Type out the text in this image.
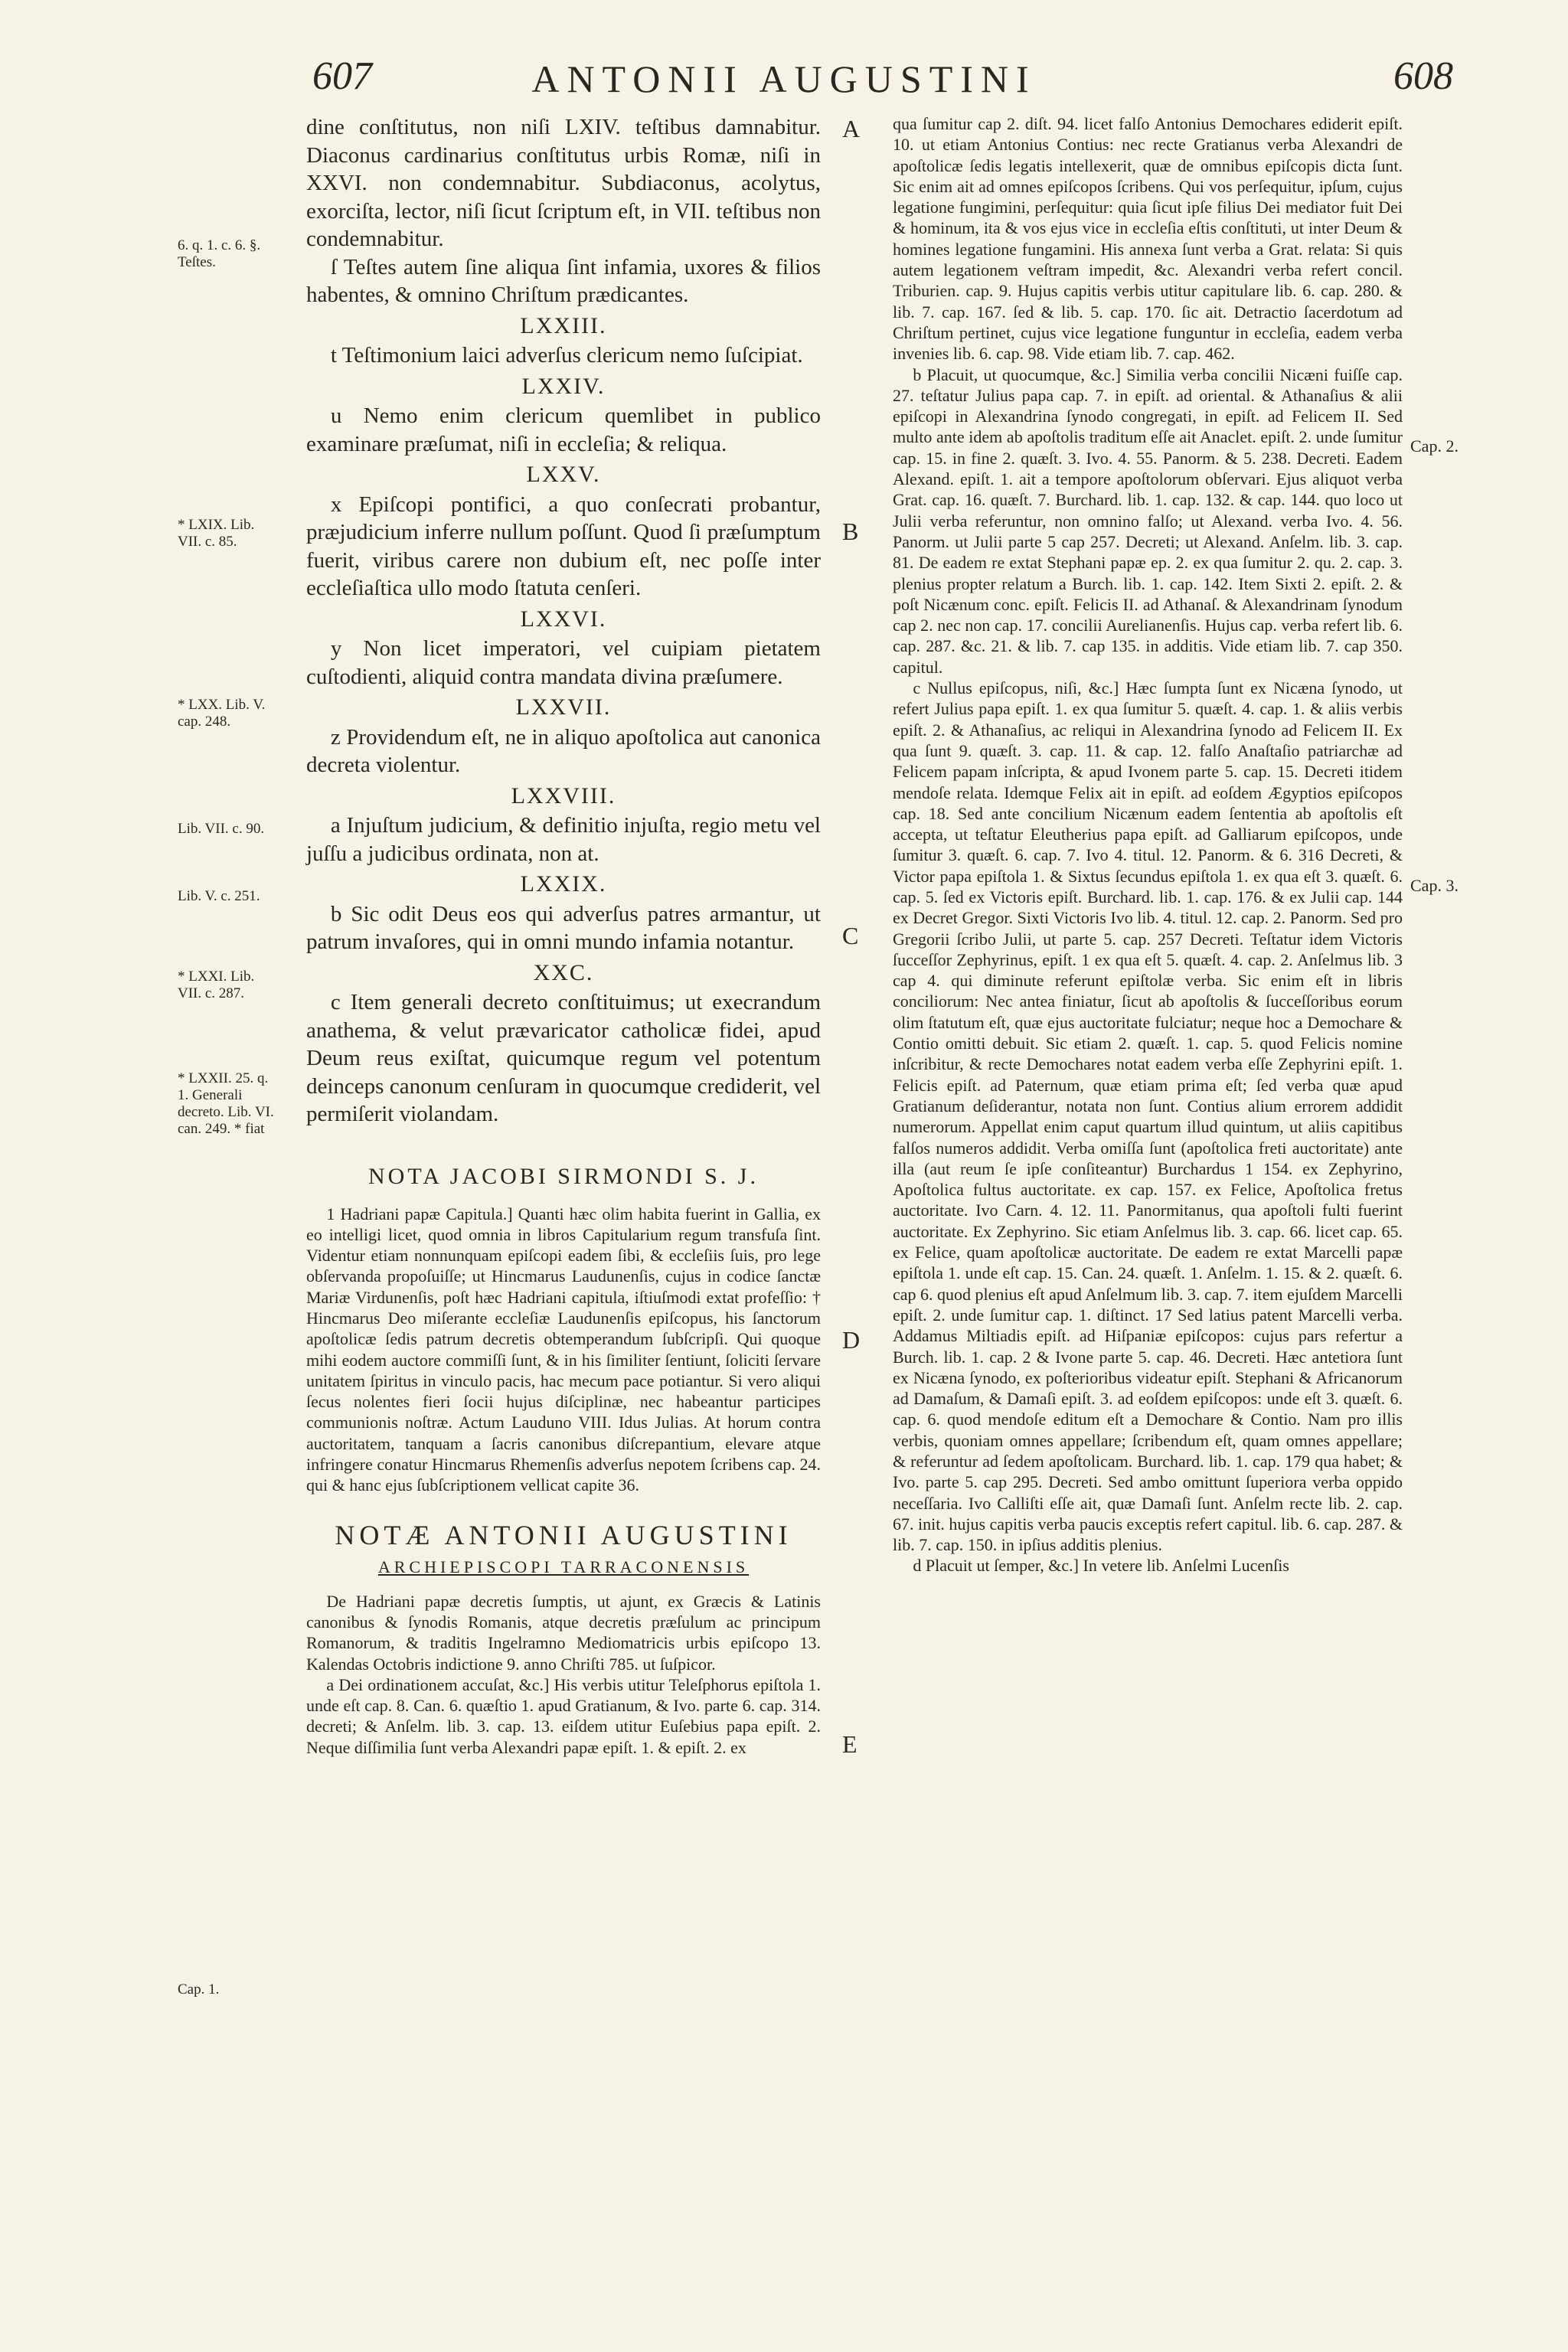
607	ANTONII AUGUSTINI	608
6. q. 1. c. 6. §. Teſtes.
* LXIX. Lib. VII. c. 85.
* LXX. Lib. V. cap. 248.
Lib. VII. c. 90.
Lib. V. c. 251.
* LXXI. Lib. VII. c. 287.
* LXXII. 25. q. 1. Generali decreto. Lib. VI. can. 249. * fiat
Cap. 1.
A
B
C
D
E
Cap. 2.
Cap. 3.

dine conſtitutus, non niſi LXIV. teſtibus damnabitur. Diaconus cardinarius conſtitutus urbis Romæ, niſi in XXVI. non condemnabitur. Subdiaconus, acolytus, exorciſta, lector, niſi ſicut ſcriptum eſt, in VII. teſtibus non condemnabitur.

ſ Teſtes autem ſine aliqua ſint infamia, uxores & filios habentes, & omnino Chriſtum prædicantes.

LXXIII.

t Teſtimonium laici adverſus clericum nemo ſuſcipiat.

LXXIV.

u Nemo enim clericum quemlibet in publico examinare præſumat, niſi in eccleſia; & reliqua.

LXXV.

x Epiſcopi pontifici, a quo conſecrati probantur, præjudicium inferre nullum poſſunt. Quod ſi præſumptum fuerit, viribus carere non dubium eſt, nec poſſe inter eccleſiaſtica ullo modo ſtatuta cenſeri.

LXXVI.

y Non licet imperatori, vel cuipiam pietatem cuſtodienti, aliquid contra mandata divina præſumere.

LXXVII.

z Providendum eſt, ne in aliquo apoſtolica aut canonica decreta violentur.

LXXVIII.

a Injuſtum judicium, & definitio injuſta, regio metu vel juſſu a judicibus ordinata, non at.

LXXIX.

b Sic odit Deus eos qui adverſus patres armantur, ut patrum invaſores, qui in omni mundo infamia notantur.

XXC.

c Item generali decreto conſtituimus; ut execrandum anathema, & velut prævaricator catholicæ fidei, apud Deum reus exiſtat, quicumque regum vel potentum deinceps canonum cenſuram in quocumque crediderit, vel permiſerit violandam.

NOTA JACOBI SIRMONDI S. J.

1 Hadriani papæ Capitula.] Quanti hæc olim habita fuerint in Gallia, ex eo intelligi licet, quod omnia in libros Capitularium regum transfuſa ſint. Videntur etiam nonnunquam epiſcopi eadem ſibi, & eccleſiis ſuis, pro lege obſervanda propoſuiſſe; ut Hincmarus Laudunenſis, cujus in codice ſanctæ Mariæ Virdunenſis, poſt hæc Hadriani capitula, iſtiuſmodi extat profeſſio: † Hincmarus Deo miſerante eccleſiæ Laudunenſis epiſcopus, his ſanctorum apoſtolicæ ſedis patrum decretis obtemperandum ſubſcripſi. Qui quoque mihi eodem auctore commiſſi ſunt, & in his ſimiliter ſentiunt, ſoliciti ſervare unitatem ſpiritus in vinculo pacis, hac mecum pace potiantur. Si vero aliqui ſecus nolentes fieri ſocii hujus diſciplinæ, nec habeantur participes communionis noſtræ. Actum Lauduno VIII. Idus Julias. At horum contra auctoritatem, tanquam a ſacris canonibus diſcrepantium, elevare atque infringere conatur Hincmarus Rhemenſis adverſus nepotem ſcribens cap. 24. qui & hanc ejus ſubſcriptionem vellicat capite 36.

NOTÆ ANTONII AUGUSTINI
ARCHIEPISCOPI TARRACONENSIS

De Hadriani papæ decretis ſumptis, ut ajunt, ex Græcis & Latinis canonibus & ſynodis Romanis, atque decretis præſulum ac principum Romanorum, & traditis Ingelramno Mediomatricis urbis epiſcopo 13. Kalendas Octobris indictione 9. anno Chriſti 785. ut ſuſpicor.

a Dei ordinationem accuſat, &c.] His verbis utitur Teleſphorus epiſtola 1. unde eſt cap. 8. Can. 6. quæſtio 1. apud Gratianum, & Ivo. parte 6. cap. 314. decreti; & Anſelm. lib. 3. cap. 13. eiſdem utitur Euſebius papa epiſt. 2. Neque diſſimilia ſunt verba Alexandri papæ epiſt. 1. & epiſt. 2. ex

qua ſumitur cap 2. diſt. 94. licet falſo Antonius Demochares ediderit epiſt. 10. ut etiam Antonius Contius: nec recte Gratianus verba Alexandri de apoſtolicæ ſedis legatis intellexerit, quæ de omnibus epiſcopis dicta ſunt. Sic enim ait ad omnes epiſcopos ſcribens. Qui vos perſequitur, ipſum, cujus legatione fungimini, perſequitur: quia ſicut ipſe filius Dei mediator fuit Dei & hominum, ita & vos ejus vice in eccleſia eſtis conſtituti, ut inter Deum & homines legatione fungamini. His annexa ſunt verba a Grat. relata: Si quis autem legationem veſtram impedit, &c. Alexandri verba refert concil. Triburien. cap. 9. Hujus capitis verbis utitur capitulare lib. 6. cap. 280. & lib. 7. cap. 167. ſed & lib. 5. cap. 170. ſic ait. Detractio ſacerdotum ad Chriſtum pertinet, cujus vice legatione funguntur in eccleſia, eadem verba invenies lib. 6. cap. 98. Vide etiam lib. 7. cap. 462.

b Placuit, ut quocumque, &c.] Similia verba concilii Nicæni fuiſſe cap. 27. teſtatur Julius papa cap. 7. in epiſt. ad oriental. & Athanaſius & alii epiſcopi in Alexandrina ſynodo congregati, in epiſt. ad Felicem II. Sed multo ante idem ab apoſtolis traditum eſſe ait Anaclet. epiſt. 2. unde ſumitur cap. 15. in fine 2. quæſt. 3. Ivo. 4. 55. Panorm. & 5. 238. Decreti. Eadem Alexand. epiſt. 1. ait a tempore apoſtolorum obſervari. Ejus aliquot verba Grat. cap. 16. quæſt. 7. Burchard. lib. 1. cap. 132. & cap. 144. quo loco ut Julii verba referuntur, non omnino falſo; ut Alexand. verba Ivo. 4. 56. Panorm. ut Julii parte 5 cap 257. Decreti; ut Alexand. Anſelm. lib. 3. cap. 81. De eadem re extat Stephani papæ ep. 2. ex qua ſumitur 2. qu. 2. cap. 3. plenius propter relatum a Burch. lib. 1. cap. 142. Item Sixti 2. epiſt. 2. & poſt Nicænum conc. epiſt. Felicis II. ad Athanaſ. & Alexandrinam ſynodum cap 2. nec non cap. 17. concilii Aurelianenſis. Hujus cap. verba refert lib. 6. cap. 287. &c. 21. & lib. 7. cap 135. in additis. Vide etiam lib. 7. cap 350. capitul.

c Nullus epiſcopus, niſi, &c.] Hæc ſumpta ſunt ex Nicæna ſynodo, ut refert Julius papa epiſt. 1. ex qua ſumitur 5. quæſt. 4. cap. 1. & aliis verbis epiſt. 2. & Athanaſius, ac reliqui in Alexandrina ſynodo ad Felicem II. Ex qua ſunt 9. quæſt. 3. cap. 11. & cap. 12. falſo Anaſtaſio patriarchæ ad Felicem papam inſcripta, & apud Ivonem parte 5. cap. 15. Decreti itidem mendoſe relata. Idemque Felix ait in epiſt. ad eoſdem Ægyptios epiſcopos cap. 18. Sed ante concilium Nicænum eadem ſententia ab apoſtolis eſt accepta, ut teſtatur Eleutherius papa epiſt. ad Galliarum epiſcopos, unde ſumitur 3. quæſt. 6. cap. 7. Ivo 4. titul. 12. Panorm. & 6. 316 Decreti, & Victor papa epiſtola 1. & Sixtus ſecundus epiſtola 1. ex qua eſt 3. quæſt. 6. cap. 5. ſed ex Victoris epiſt. Burchard. lib. 1. cap. 176. & ex Julii cap. 144 ex Decret Gregor. Sixti Victoris Ivo lib. 4. titul. 12. cap. 2. Panorm. Sed pro Gregorii ſcribo Julii, ut parte 5. cap. 257 Decreti. Teſtatur idem Victoris ſucceſſor Zephyrinus, epiſt. 1 ex qua eſt 5. quæſt. 4. cap. 2. Anſelmus lib. 3 cap 4. qui diminute referunt epiſtolæ verba. Sic enim eſt in libris conciliorum: Nec antea finiatur, ſicut ab apoſtolis & ſucceſſoribus eorum olim ſtatutum eſt, quæ ejus auctoritate fulciatur; neque hoc a Demochare & Contio omitti debuit. Sic etiam 2. quæſt. 1. cap. 5. quod Felicis nomine inſcribitur, & recte Demochares notat eadem verba eſſe Zephyrini epiſt. 1. Felicis epiſt. ad Paternum, quæ etiam prima eſt; ſed verba quæ apud Gratianum deſiderantur, notata non ſunt. Contius alium errorem addidit numerorum. Appellat enim caput quartum illud quintum, ut aliis capitibus falſos numeros addidit. Verba omiſſa ſunt (apoſtolica freti auctoritate) ante illa (aut reum ſe ipſe conſiteantur) Burchardus 1 154. ex Zephyrino, Apoſtolica fultus auctoritate. ex cap. 157. ex Felice, Apoſtolica fretus auctoritate. Ivo Carn. 4. 12. 11. Panormitanus, qua apoſtoli fulti fuerint auctoritate. Ex Zephyrino. Sic etiam Anſelmus lib. 3. cap. 66. licet cap. 65. ex Felice, quam apoſtolicæ auctoritate. De eadem re extat Marcelli papæ epiſtola 1. unde eſt cap. 15. Can. 24. quæſt. 1. Anſelm. 1. 15. & 2. quæſt. 6. cap 6. quod plenius eſt apud Anſelmum lib. 3. cap. 7. item ejuſdem Marcelli epiſt. 2. unde ſumitur cap. 1. diſtinct. 17 Sed latius patent Marcelli verba. Addamus Miltiadis epiſt. ad Hiſpaniæ epiſcopos: cujus pars refertur a Burch. lib. 1. cap. 2 & Ivone parte 5. cap. 46. Decreti. Hæc antetiora ſunt ex Nicæna ſynodo, ex poſterioribus videatur epiſt. Stephani & Africanorum ad Damaſum, & Damaſi epiſt. 3. ad eoſdem epiſcopos: unde eſt 3. quæſt. 6. cap. 6. quod mendoſe editum eſt a Demochare & Contio. Nam pro illis verbis, quoniam omnes appellare; ſcribendum eſt, quam omnes appellare; & referuntur ad ſedem apoſtolicam. Burchard. lib. 1. cap. 179 qua habet; & Ivo. parte 5. cap 295. Decreti. Sed ambo omittunt ſuperiora verba oppido neceſſaria. Ivo Calliſti eſſe ait, quæ Damaſi ſunt. Anſelm recte lib. 2. cap. 67. init. hujus capitis verba paucis exceptis refert capitul. lib. 6. cap. 287. & lib. 7. cap. 150. in ipſius additis plenius.

d Placuit ut ſemper, &c.] In vetere lib. Anſelmi Lucenſis
